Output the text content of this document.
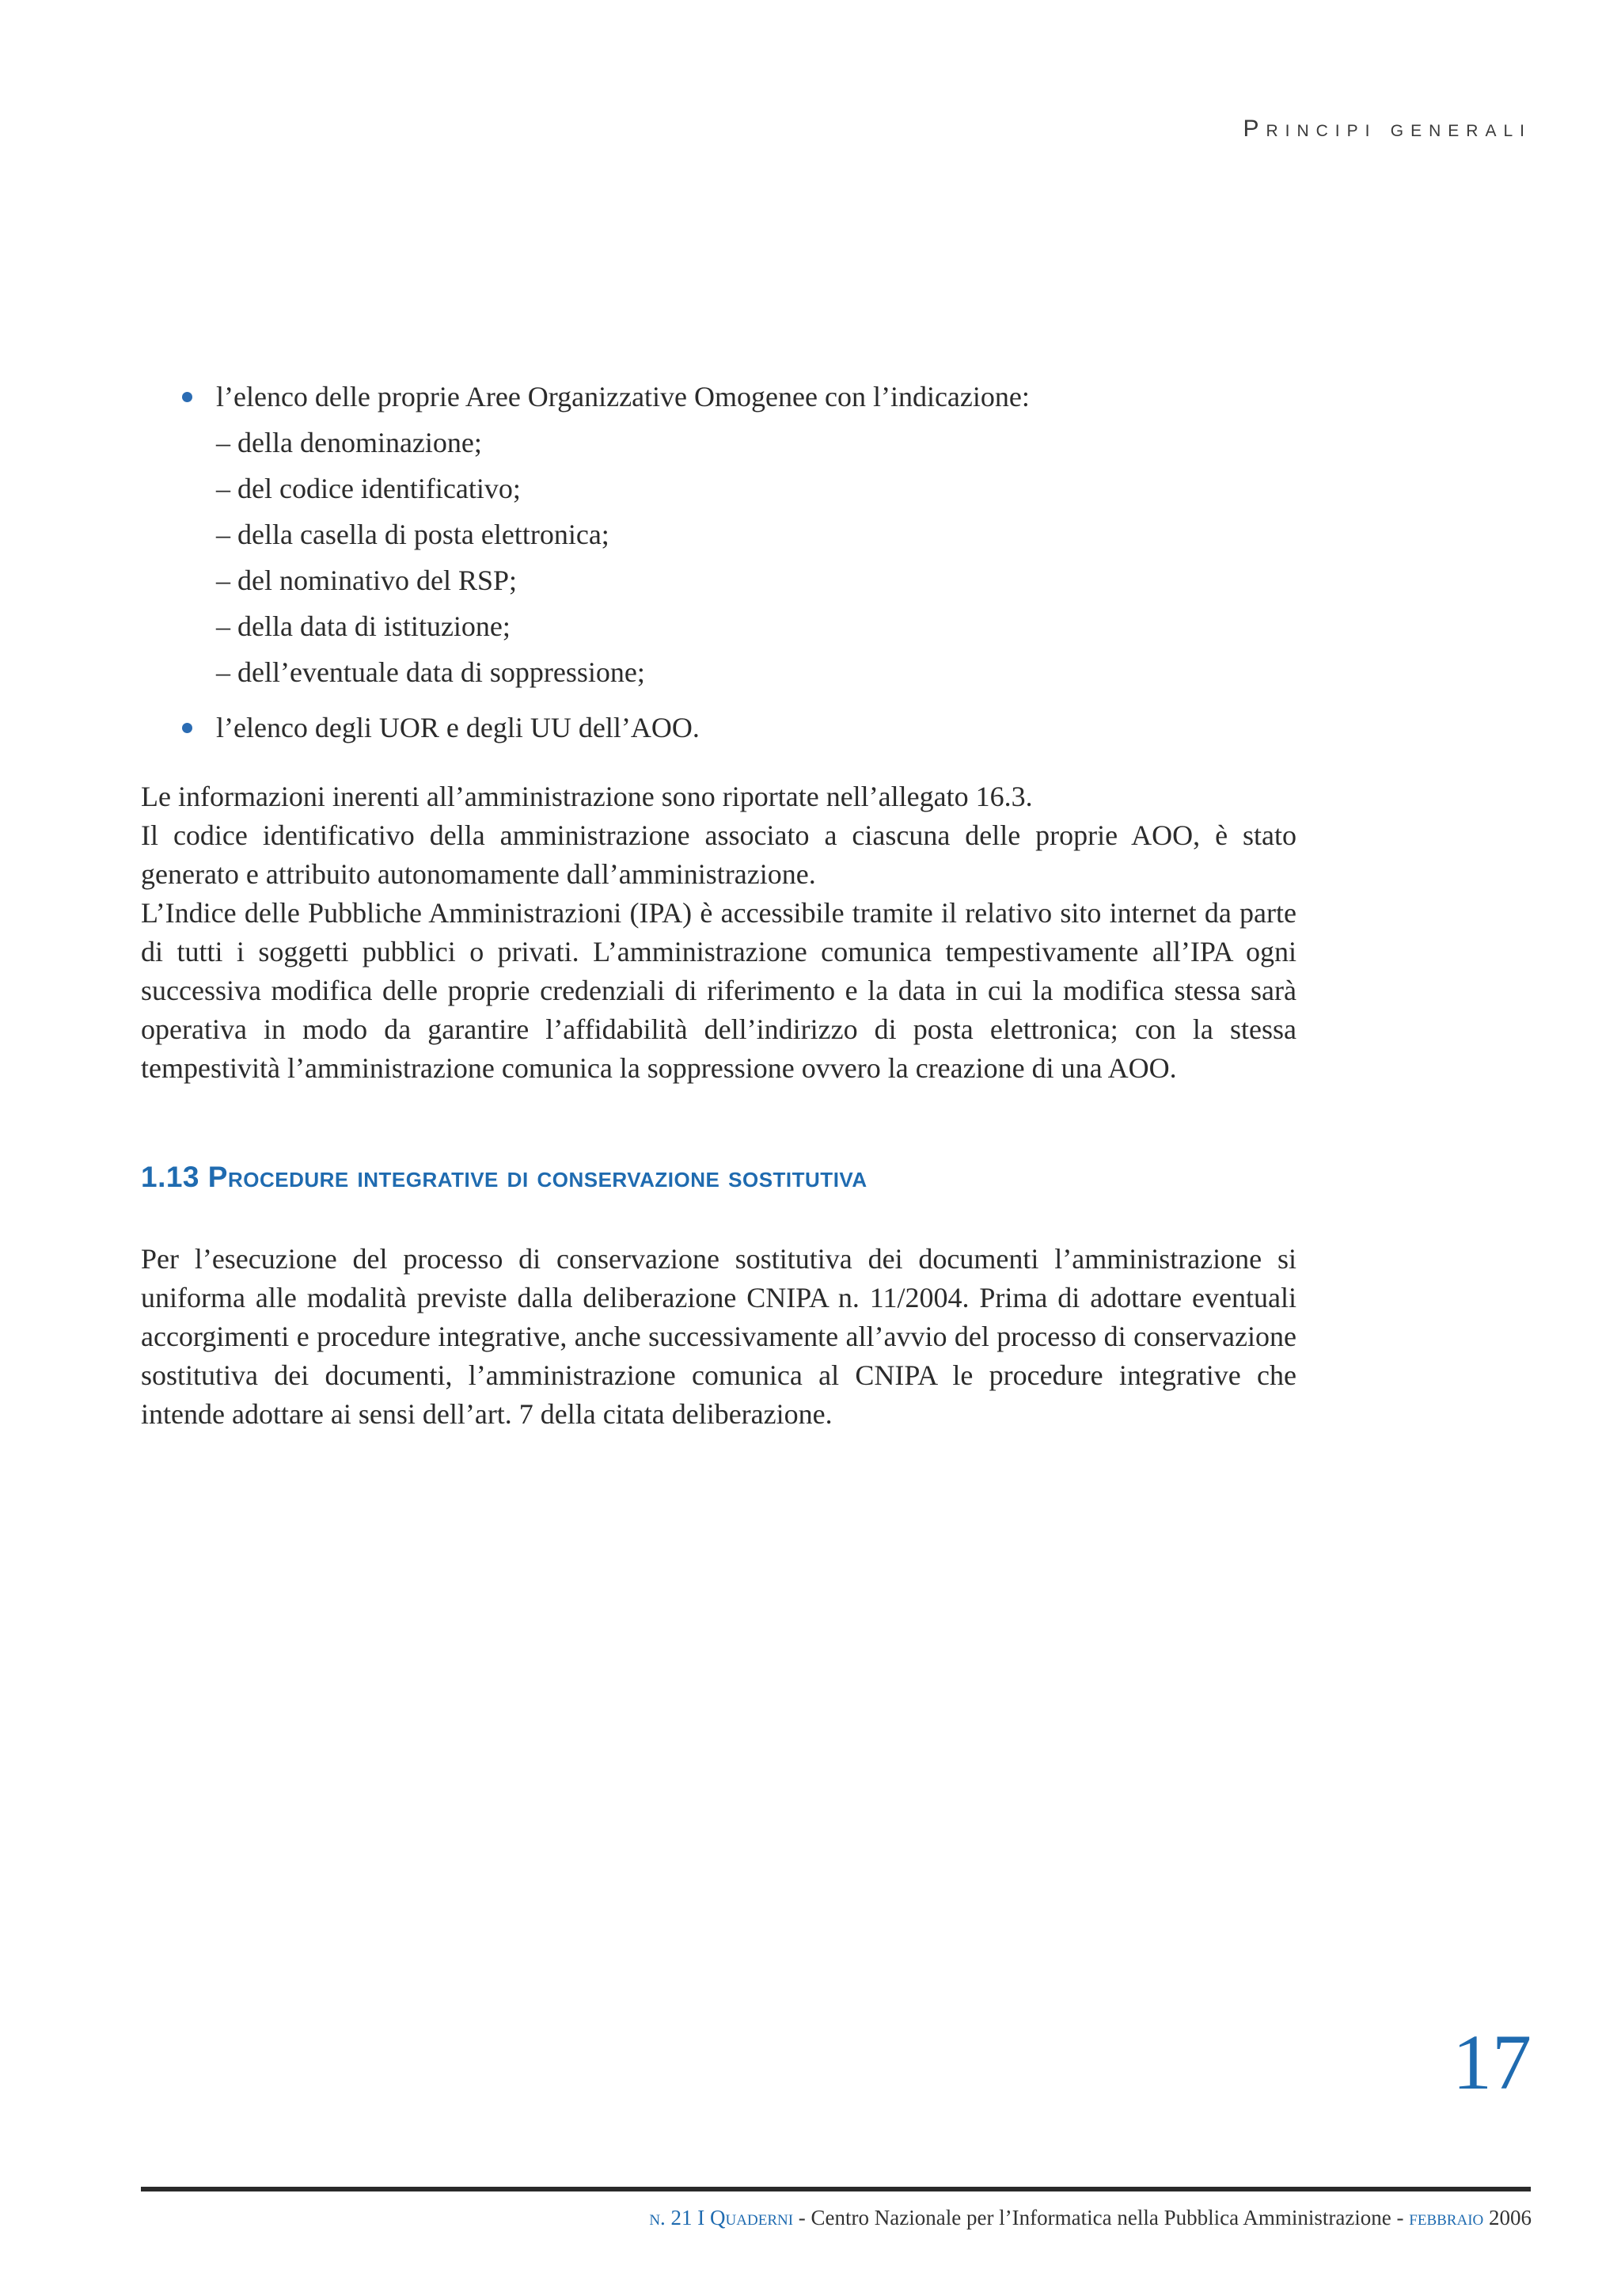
Principi generali
l’elenco delle proprie Aree Organizzative Omogenee con l’indicazione:
– della denominazione;
– del codice identificativo;
– della casella di posta elettronica;
– del nominativo del RSP;
– della data di istituzione;
– dell’eventuale data di soppressione;
l’elenco degli UOR e degli UU dell’AOO.

Le informazioni inerenti all’amministrazione sono riportate nell’allegato 16.3.

Il codice identificativo della amministrazione associato a ciascuna delle proprie AOO, è stato generato e attribuito autonomamente dall’amministrazione.

L’Indice delle Pubbliche Amministrazioni (IPA) è accessibile tramite il relativo sito internet da parte di tutti i soggetti pubblici o privati. L’amministrazione comunica tempestivamente all’IPA ogni successiva modifica delle proprie credenziali di riferimento e la data in cui la modifica stessa sarà operativa in modo da garantire l’affidabilità dell’indirizzo di posta elettronica; con la stessa tempestività l’amministrazione comunica la soppressione ovvero la creazione di una AOO.

1.13 Procedure integrative di conservazione sostitutiva

Per l’esecuzione del processo di conservazione sostitutiva dei documenti l’amministrazione si uniforma alle modalità previste dalla deliberazione CNIPA n. 11/2004. Prima di adottare eventuali accorgimenti e procedure integrative, anche successivamente all’avvio del processo di conservazione sostitutiva dei documenti, l’amministrazione comunica al CNIPA le procedure integrative che intende adottare ai sensi dell’art. 7 della citata deliberazione.

17
n. 21 I Quaderni - Centro Nazionale per l’Informatica nella Pubblica Amministrazione - febbraio 2006
